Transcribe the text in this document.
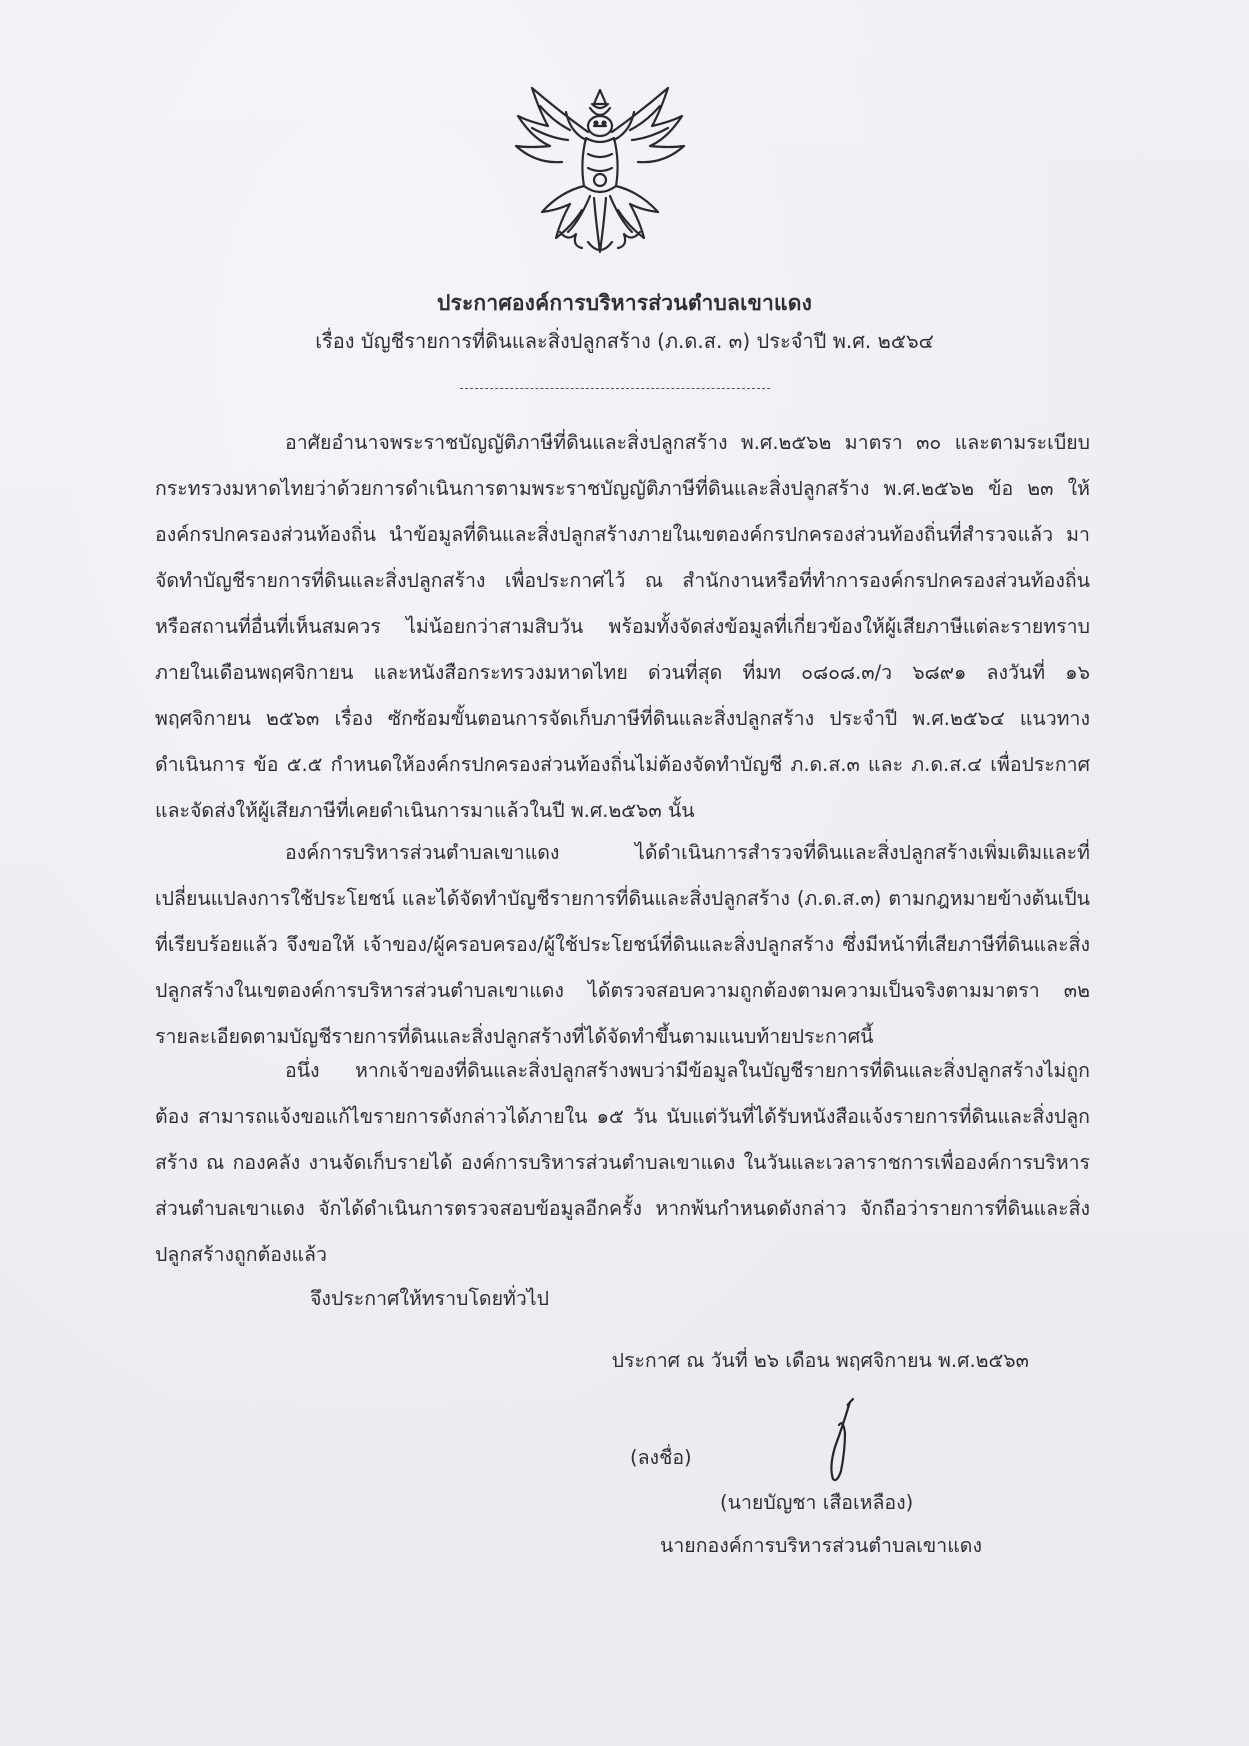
ประกาศองค์การบริหารส่วนตำบลเขาแดง
เรื่อง บัญชีรายการที่ดินและสิ่งปลูกสร้าง (ภ.ด.ส. ๓) ประจำปี พ.ศ. ๒๕๖๔
อาศัยอำนาจพระราชบัญญัติภาษีที่ดินและสิ่งปลูกสร้าง พ.ศ.๒๕๖๒ มาตรา ๓๐ และตามระเบียบกระทรวงมหาดไทยว่าด้วยการดำเนินการตามพระราชบัญญัติภาษีที่ดินและสิ่งปลูกสร้าง พ.ศ.๒๕๖๒ ข้อ ๒๓ ให้องค์กรปกครองส่วนท้องถิ่น นำข้อมูลที่ดินและสิ่งปลูกสร้างภายในเขตองค์กรปกครองส่วนท้องถิ่นที่สำรวจแล้ว มาจัดทำบัญชีรายการที่ดินและสิ่งปลูกสร้าง เพื่อประกาศไว้ ณ สำนักงานหรือที่ทำการองค์กรปกครองส่วนท้องถิ่น หรือสถานที่อื่นที่เห็นสมควร ไม่น้อยกว่าสามสิบวัน พร้อมทั้งจัดส่งข้อมูลที่เกี่ยวข้องให้ผู้เสียภาษีแต่ละรายทราบภายในเดือนพฤศจิกายน และหนังสือกระทรวงมหาดไทย ด่วนที่สุด ที่มท ๐๘๐๘.๓/ว ๖๘๙๑ ลงวันที่ ๑๖ พฤศจิกายน ๒๕๖๓ เรื่อง ซักซ้อมขั้นตอนการจัดเก็บภาษีที่ดินและสิ่งปลูกสร้าง ประจำปี พ.ศ.๒๕๖๔ แนวทางดำเนินการ ข้อ ๕.๕ กำหนดให้องค์กรปกครองส่วนท้องถิ่นไม่ต้องจัดทำบัญชี ภ.ด.ส.๓ และ ภ.ด.ส.๔ เพื่อประกาศและจัดส่งให้ผู้เสียภาษีที่เคยดำเนินการมาแล้วในปี พ.ศ.๒๕๖๓ นั้น
องค์การบริหารส่วนตำบลเขาแดง ได้ดำเนินการสำรวจที่ดินและสิ่งปลูกสร้างเพิ่มเติมและที่เปลี่ยนแปลงการใช้ประโยชน์ และได้จัดทำบัญชีรายการที่ดินและสิ่งปลูกสร้าง (ภ.ด.ส.๓) ตามกฎหมายข้างต้นเป็นที่เรียบร้อยแล้ว จึงขอให้ เจ้าของ/ผู้ครอบครอง/ผู้ใช้ประโยชน์ที่ดินและสิ่งปลูกสร้าง ซึ่งมีหน้าที่เสียภาษีที่ดินและสิ่งปลูกสร้างในเขตองค์การบริหารส่วนตำบลเขาแดง ได้ตรวจสอบความถูกต้องตามความเป็นจริงตามมาตรา ๓๒ รายละเอียดตามบัญชีรายการที่ดินและสิ่งปลูกสร้างที่ได้จัดทำขึ้นตามแนบท้ายประกาศนี้
อนึ่ง หากเจ้าของที่ดินและสิ่งปลูกสร้างพบว่ามีข้อมูลในบัญชีรายการที่ดินและสิ่งปลูกสร้างไม่ถูกต้อง สามารถแจ้งขอแก้ไขรายการดังกล่าวได้ภายใน ๑๕ วัน นับแต่วันที่ได้รับหนังสือแจ้งรายการที่ดินและสิ่งปลูกสร้าง ณ กองคลัง งานจัดเก็บรายได้ องค์การบริหารส่วนตำบลเขาแดง ในวันและเวลาราชการเพื่อองค์การบริหารส่วนตำบลเขาแดง จักได้ดำเนินการตรวจสอบข้อมูลอีกครั้ง หากพ้นกำหนดดังกล่าว จักถือว่ารายการที่ดินและสิ่งปลูกสร้างถูกต้องแล้ว
จึงประกาศให้ทราบโดยทั่วไป
ประกาศ ณ วันที่ ๒๖ เดือน พฤศจิกายน พ.ศ.๒๕๖๓
(ลงชื่อ)
(นายบัญชา เสือเหลือง)
นายกองค์การบริหารส่วนตำบลเขาแดง
